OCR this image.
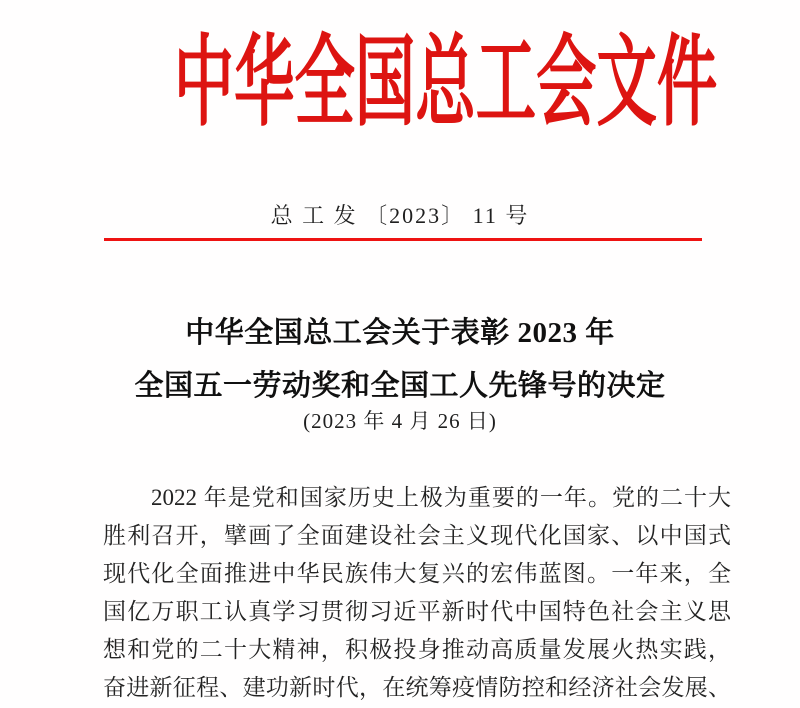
中华全国总工会文件
总 工 发 〔2023〕 11 号
中华全国总工会关于表彰 2023 年
全国五一劳动奖和全国工人先锋号的决定
(2023 年 4 月 26 日)

　　2022 年是党和国家历史上极为重要的一年。党的二十大

胜利召开，擘画了全面建设社会主义现代化国家、以中国式

现代化全面推进中华民族伟大复兴的宏伟蓝图。一年来，全

国亿万职工认真学习贯彻习近平新时代中国特色社会主义思

想和党的二十大精神，积极投身推动高质量发展火热实践，

奋进新征程、建功新时代，在统筹疫情防控和经济社会发展、
